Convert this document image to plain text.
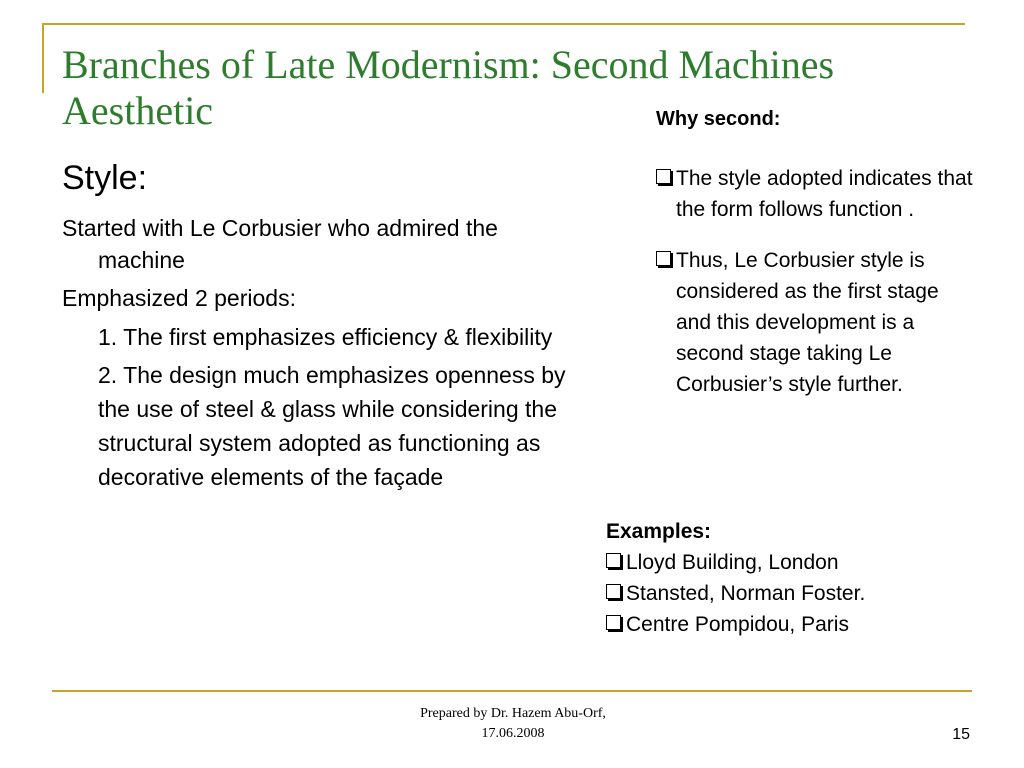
Branches of Late Modernism: Second Machines Aesthetic
Style:

Started with Le Corbusier who admired the machine

Emphasized 2 periods:

1. The first emphasizes efficiency & flexibility

2. The design much emphasizes openness by the use of steel & glass while considering the structural system adopted as functioning as decorative elements of the façade

Why second:
The style adopted indicates that the form follows function .
Thus, Le Corbusier style is considered as the first stage and this development is a second stage taking Le Corbusier’s style further.
Examples:
Lloyd Building, London
Stansted, Norman Foster.
Centre Pompidou, Paris
Prepared by Dr. Hazem Abu-Orf,
17.06.2008	15
